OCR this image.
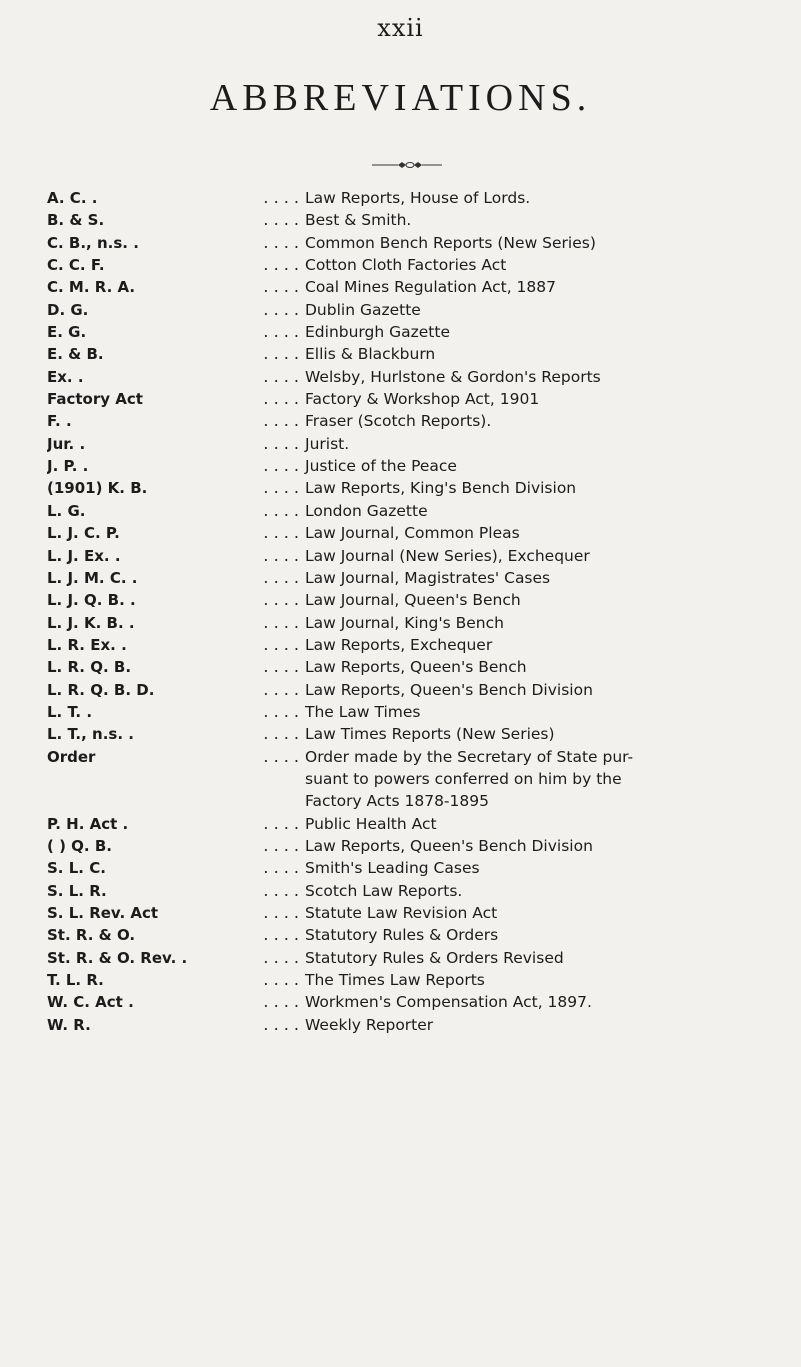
xxii
ABBREVIATIONS.
A. C. .	. . . . Law Reports, House of Lords.
B. & S.	. . . . Best & Smith.
C. B., n.s. .	. . . . Common Bench Reports (New Series)
C. C. F.	. . . . Cotton Cloth Factories Act
C. M. R. A.	. . . . Coal Mines Regulation Act, 1887
D. G.	. . . . Dublin Gazette
E. G.	. . . . Edinburgh Gazette
E. & B.	. . . . Ellis & Blackburn
Ex. .	. . . . Welsby, Hurlstone & Gordon's Reports
Factory Act	. . . . Factory & Workshop Act, 1901
F. .	. . . . Fraser (Scotch Reports).
Jur. .	. . . . Jurist.
J. P. .	. . . . Justice of the Peace
(1901) K. B.	. . . . Law Reports, King's Bench Division
L. G.	. . . . London Gazette
L. J. C. P.	. . . . Law Journal, Common Pleas
L. J. Ex. .	. . . . Law Journal (New Series), Exchequer
L. J. M. C. .	. . . . Law Journal, Magistrates' Cases
L. J. Q. B. .	. . . . Law Journal, Queen's Bench
L. J. K. B. .	. . . . Law Journal, King's Bench
L. R. Ex. .	. . . . Law Reports, Exchequer
L. R. Q. B.	. . . . Law Reports, Queen's Bench
L. R. Q. B. D.	. . . . Law Reports, Queen's Bench Division
L. T. .	. . . . The Law Times
L. T., n.s. .	. . . . Law Times Reports (New Series)
Order	. . . . Order made by the Secretary of State pur-
suant to powers conferred on him by the
Factory Acts 1878-1895
P. H. Act .	. . . . Public Health Act
( ) Q. B.	. . . . Law Reports, Queen's Bench Division
S. L. C.	. . . . Smith's Leading Cases
S. L. R.	. . . . Scotch Law Reports.
S. L. Rev. Act	. . . . Statute Law Revision Act
St. R. & O.	. . . . Statutory Rules & Orders
St. R. & O. Rev. .	. . . . Statutory Rules & Orders Revised
T. L. R.	. . . . The Times Law Reports
W. C. Act .	. . . . Workmen's Compensation Act, 1897.
W. R.	. . . . Weekly Reporter
